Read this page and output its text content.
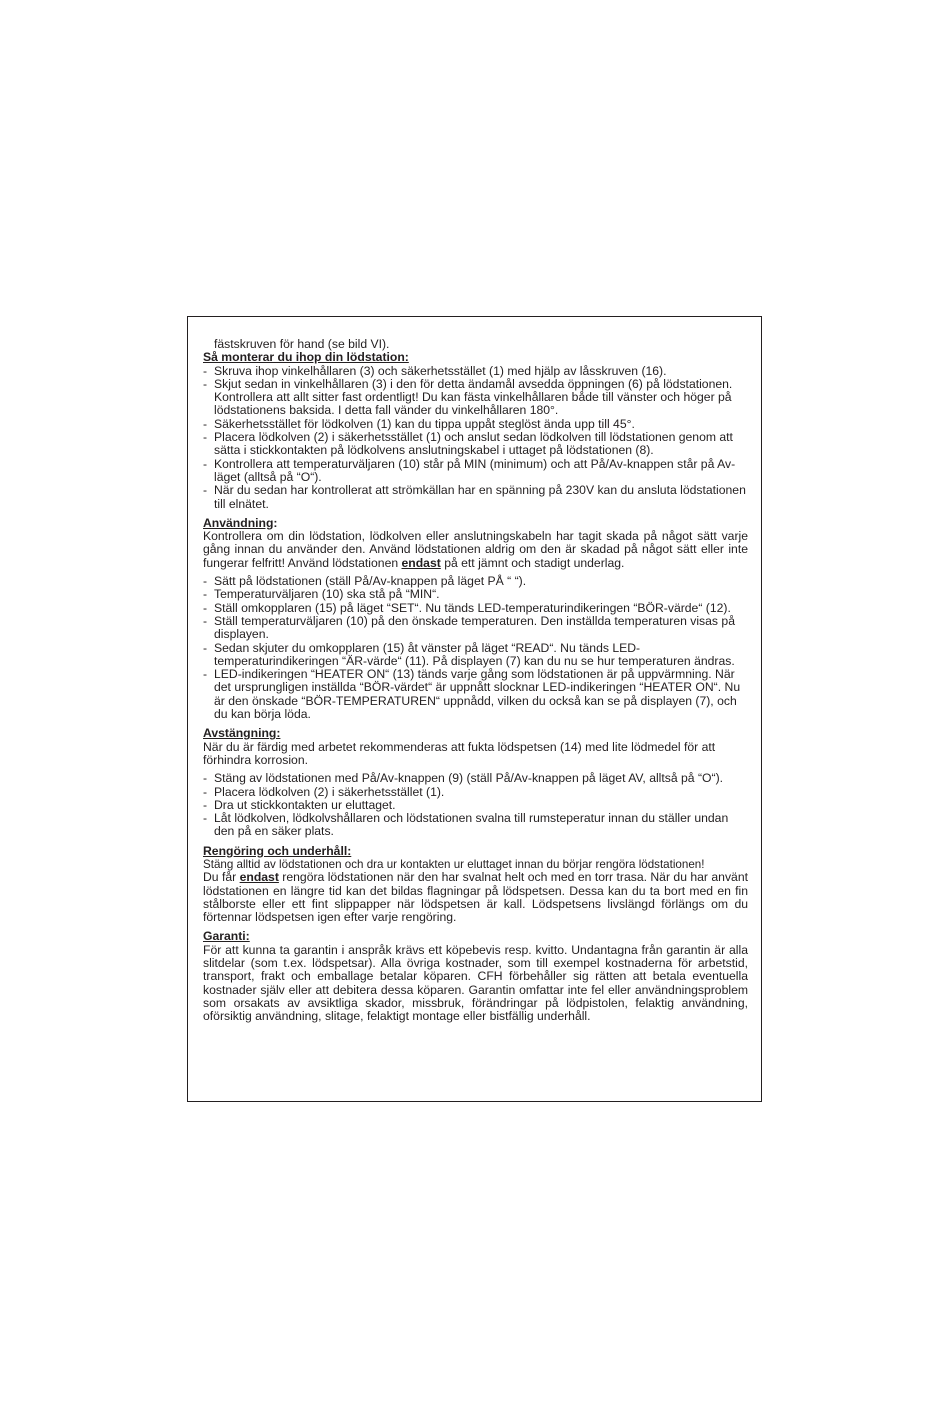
fästskruven för hand (se bild VI).

Så monterar du ihop din lödstation:

- Skruva ihop vinkelhållaren (3) och säkerhetsstället (1) med hjälp av låsskruven (16).
- Skjut sedan in vinkelhållaren (3) i den för detta ändamål avsedda öppningen (6) på lödstationen. Kontrollera att allt sitter fast ordentligt! Du kan fästa vinkelhållaren både till vänster och höger på lödstationens baksida. I detta fall vänder du vinkelhållaren 180°.
- Säkerhetsstället för lödkolven (1) kan du tippa uppåt steglöst ända upp till 45°.
- Placera lödkolven (2) i säkerhetsstället (1) och anslut sedan lödkolven till lödstationen genom att sätta i stickkontakten på lödkolvens anslutningskabel i uttaget på lödstationen (8).
- Kontrollera att temperaturväljaren (10) står på MIN (minimum) och att På/Av-knappen står på Av-läget (alltså på “O“).
- När du sedan har kontrollerat att strömkällan har en spänning på 230V kan du ansluta lödstationen till elnätet.

Användning:

Kontrollera om din lödstation, lödkolven eller anslutningskabeln har tagit skada på något sätt varje gång innan du använder den. Använd lödstationen aldrig om den är skadad på något sätt eller inte fungerar felfritt! Använd lödstationen endast på ett jämnt och stadigt underlag.

- Sätt på lödstationen (ställ På/Av-knappen på läget PÅ “ “).
- Temperaturväljaren (10) ska stå på “MIN“.
- Ställ omkopplaren (15) på läget “SET“. Nu tänds LED-temperaturindikeringen “BÖR-värde“ (12).
- Ställ temperaturväljaren (10) på den önskade temperaturen. Den inställda temperaturen visas på displayen.
- Sedan skjuter du omkopplaren (15) åt vänster på läget “READ“. Nu tänds LED-temperaturindikeringen “ÄR-värde“ (11). På displayen (7) kan du nu se hur temperaturen ändras.
- LED-indikeringen “HEATER ON“ (13) tänds varje gång som lödstationen är på uppvärmning. När det ursprungligen inställda “BÖR-värdet“ är uppnått slocknar LED-indikeringen “HEATER ON“. Nu är den önskade “BÖR-TEMPERATUREN“ uppnådd, vilken du också kan se på displayen (7), och du kan börja löda.

Avstängning:

När du är färdig med arbetet rekommenderas att fukta lödspetsen (14) med lite lödmedel för att förhindra korrosion.

- Stäng av lödstationen med På/Av-knappen (9) (ställ På/Av-knappen på läget AV, alltså på “O“).
- Placera lödkolven (2) i säkerhetsstället (1).
- Dra ut stickkontakten ur eluttaget.
- Låt lödkolven, lödkolvshållaren och lödstationen svalna till rumsteperatur innan du ställer undan den på en säker plats.

Rengöring och underhåll:

Stäng alltid av lödstationen och dra ur kontakten ur eluttaget innan du börjar rengöra lödstationen!

Du får endast rengöra lödstationen när den har svalnat helt och med en torr trasa. När du har använt lödstationen en längre tid kan det bildas flagningar på lödspetsen. Dessa kan du ta bort med en fin stålborste eller ett fint slippapper när lödspetsen är kall. Lödspetsens livslängd förlängs om du förtennar lödspetsen igen efter varje rengöring.

Garanti:

För att kunna ta garantin i anspråk krävs ett köpebevis resp. kvitto. Undantagna från garantin är alla slitdelar (som t.ex. lödspetsar). Alla övriga kostnader, som till exempel kostnaderna för arbetstid, transport, frakt och emballage betalar köparen. CFH förbehåller sig rätten att betala eventuella kostnader själv eller att debitera dessa köparen. Garantin omfattar inte fel eller användningsproblem som orsakats av avsiktliga skador, missbruk, förändringar på lödpistolen, felaktig användning, oförsiktig användning, slitage, felaktigt montage eller bistfällig underhåll.
